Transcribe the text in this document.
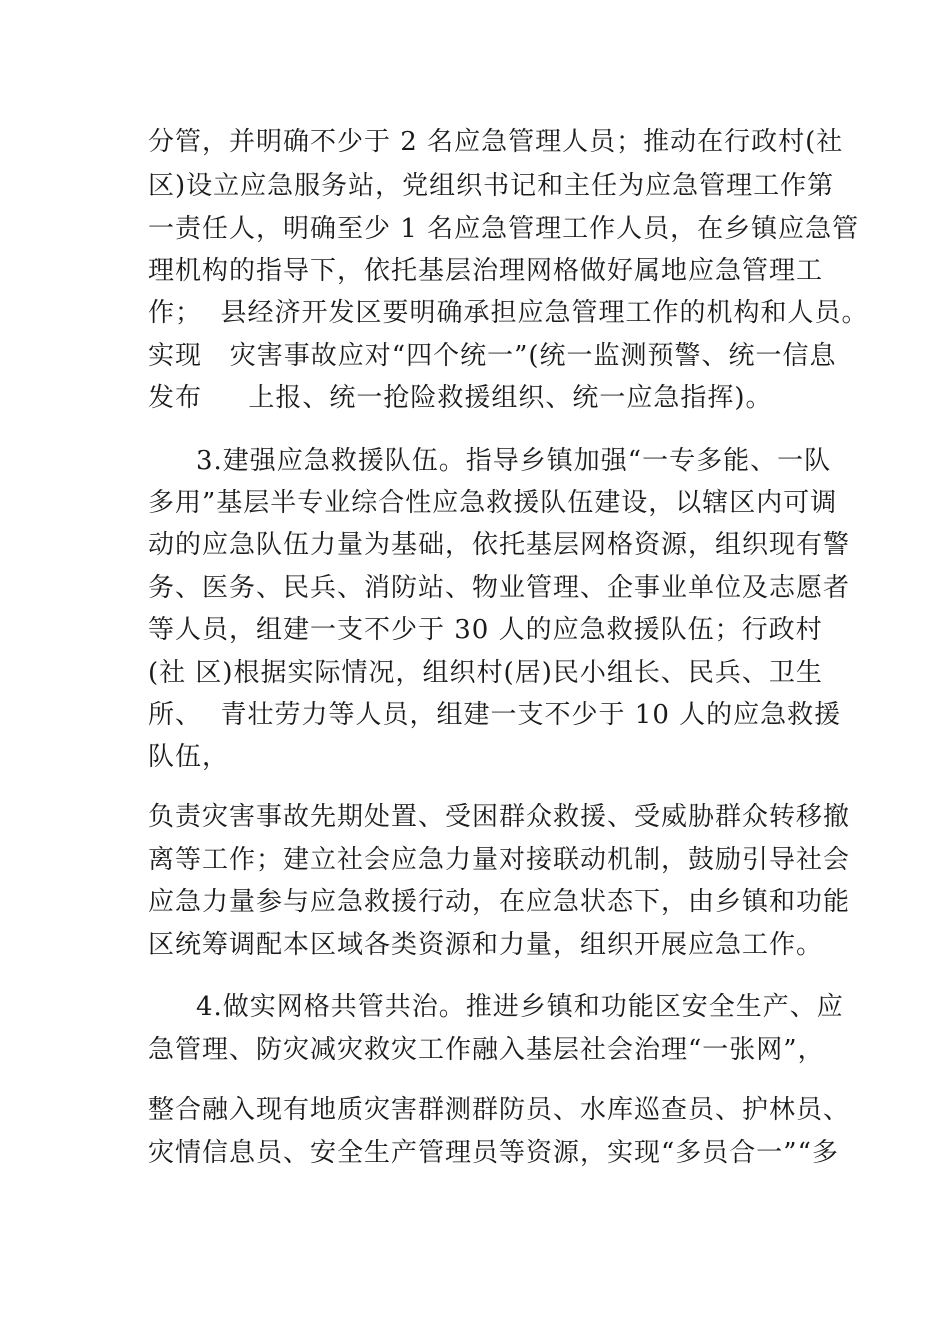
分管，并明确不少于 2 名应急管理人员；推动在行政村(社
区)设立应急服务站，党组织书记和主任为应急管理工作第
一责任人，明确至少 1 名应急管理工作人员，在乡镇应急管
理机构的指导下，依托基层治理网格做好属地应急管理工
作；  县经济开发区要明确承担应急管理工作的机构和人员。
实现   灾害事故应对“四个统一”(统一监测预警、统一信息
发布     上报、统一抢险救援组织、统一应急指挥)。
3.建强应急救援队伍。指导乡镇加强“一专多能、一队
多用”基层半专业综合性应急救援队伍建设，以辖区内可调
动的应急队伍力量为基础，依托基层网格资源，组织现有警
务、医务、民兵、消防站、物业管理、企事业单位及志愿者
等人员，组建一支不少于 30 人的应急救援队伍；行政村
(社 区)根据实际情况，组织村(居)民小组长、民兵、卫生
所、  青壮劳力等人员，组建一支不少于 10 人的应急救援
队伍，
负责灾害事故先期处置、受困群众救援、受威胁群众转移撤
离等工作；建立社会应急力量对接联动机制，鼓励引导社会
应急力量参与应急救援行动，在应急状态下，由乡镇和功能
区统筹调配本区域各类资源和力量，组织开展应急工作。
4.做实网格共管共治。推进乡镇和功能区安全生产、应
急管理、防灾减灾救灾工作融入基层社会治理“一张网”，
整合融入现有地质灾害群测群防员、水库巡查员、护林员、
灾情信息员、安全生产管理员等资源，实现“多员合一”“多
